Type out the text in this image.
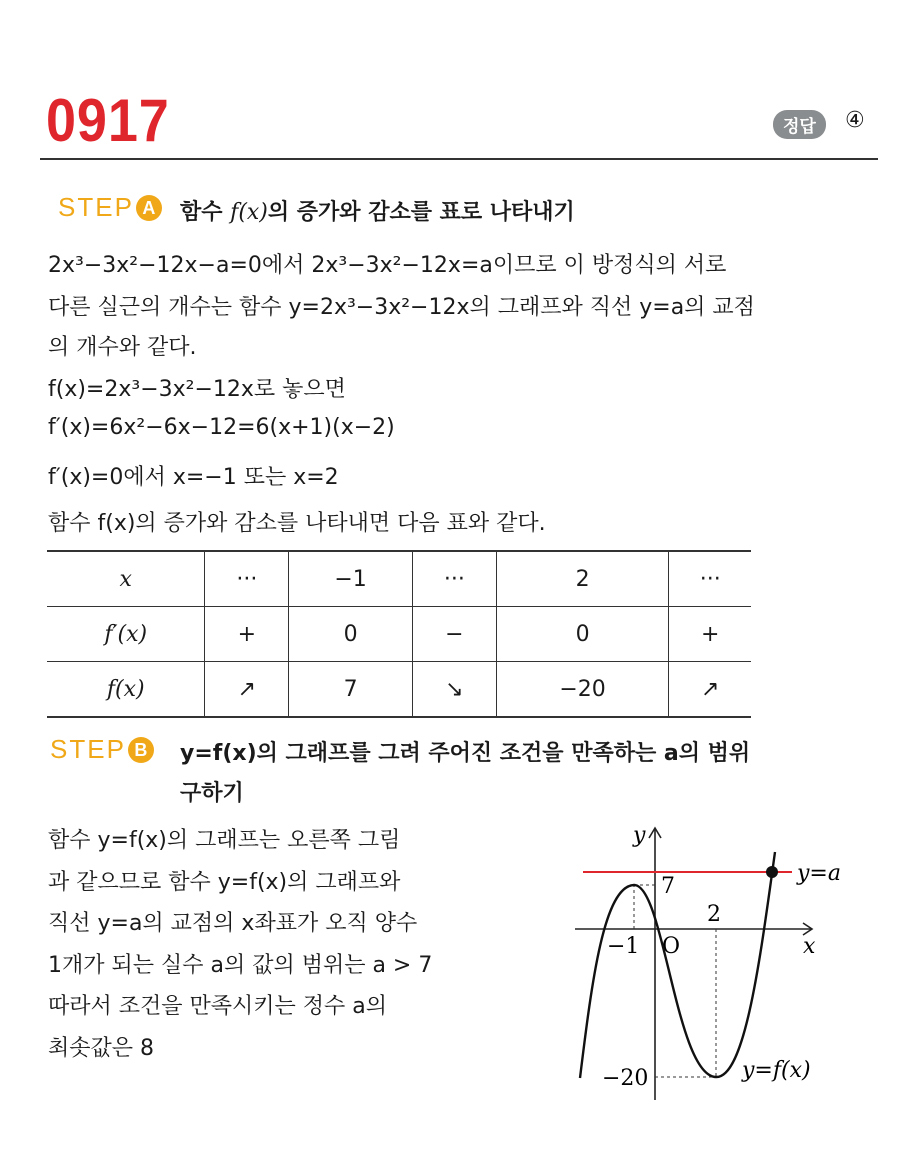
0917	정답	④
STEP A 함수 f(x)의 증가와 감소를 표로 나타내기
2x³−3x²−12x−a=0에서 2x³−3x²−12x=a이므로 이 방정식의 서로
다른 실근의 개수는 함수 y=2x³−3x²−12x의 그래프와 직선 y=a의 교점
의 개수와 같다.
f(x)=2x³−3x²−12x로 놓으면
f′(x)=6x²−6x−12=6(x+1)(x−2)
f′(x)=0에서 x=−1 또는 x=2
함수 f(x)의 증가와 감소를 나타내면 다음 표와 같다.
x	···	−1	···	2	···
f′(x)	+	0	−	0	+
f(x)	↗	7	↘	−20	↗
STEP B y=f(x)의 그래프를 그려 주어진 조건을 만족하는 a의 범위
구하기
함수 y=f(x)의 그래프는 오른쪽 그림
과 같으므로 함수 y=f(x)의 그래프와
직선 y=a의 교점의 x좌표가 오직 양수
1개가 되는 실수 a의 값의 범위는 a > 7
따라서 조건을 만족시키는 정수 a의
최솟값은 8
y
x
O
y=a
7
−1
2
−20	y=f(x)
